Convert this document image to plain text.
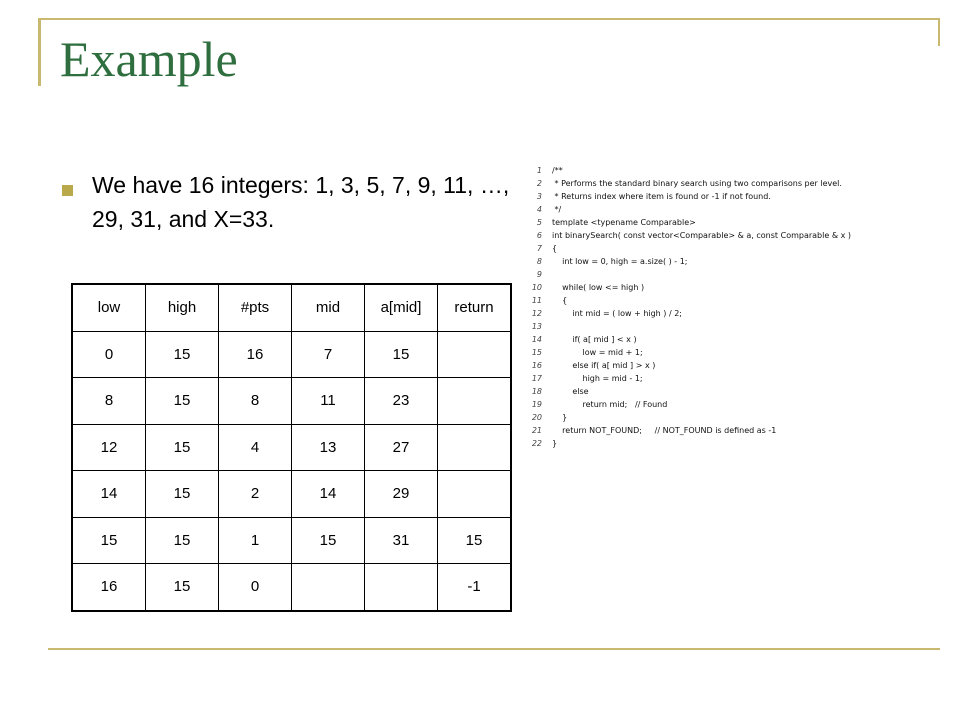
Example
We have 16 integers: 1, 3, 5, 7, 9, 11, …, 29, 31, and X=33.
low	high	#pts	mid	a[mid]	return
0	15	16	7	15	
8	15	8	11	23	
12	15	4	13	27	
14	15	2	14	29	
15	15	1	15	31	15
16	15	0			-1
1 /**
2 * Performs the standard binary search using two comparisons per level.
3 * Returns index where item is found or -1 if not found.
4 */
5 template <typename Comparable>
6 int binarySearch( const vector<Comparable> & a, const Comparable & x )
7 {
8 int low = 0, high = a.size( ) - 1;
9
10 while( low <= high )
11 {
12 int mid = ( low + high ) / 2;
13
14 if( a[ mid ] < x )
15 low = mid + 1;
16 else if( a[ mid ] > x )
17 high = mid - 1;
18 else
19 return mid;   // Found
20 }
21 return NOT_FOUND;     // NOT_FOUND is defined as -1
22 }
